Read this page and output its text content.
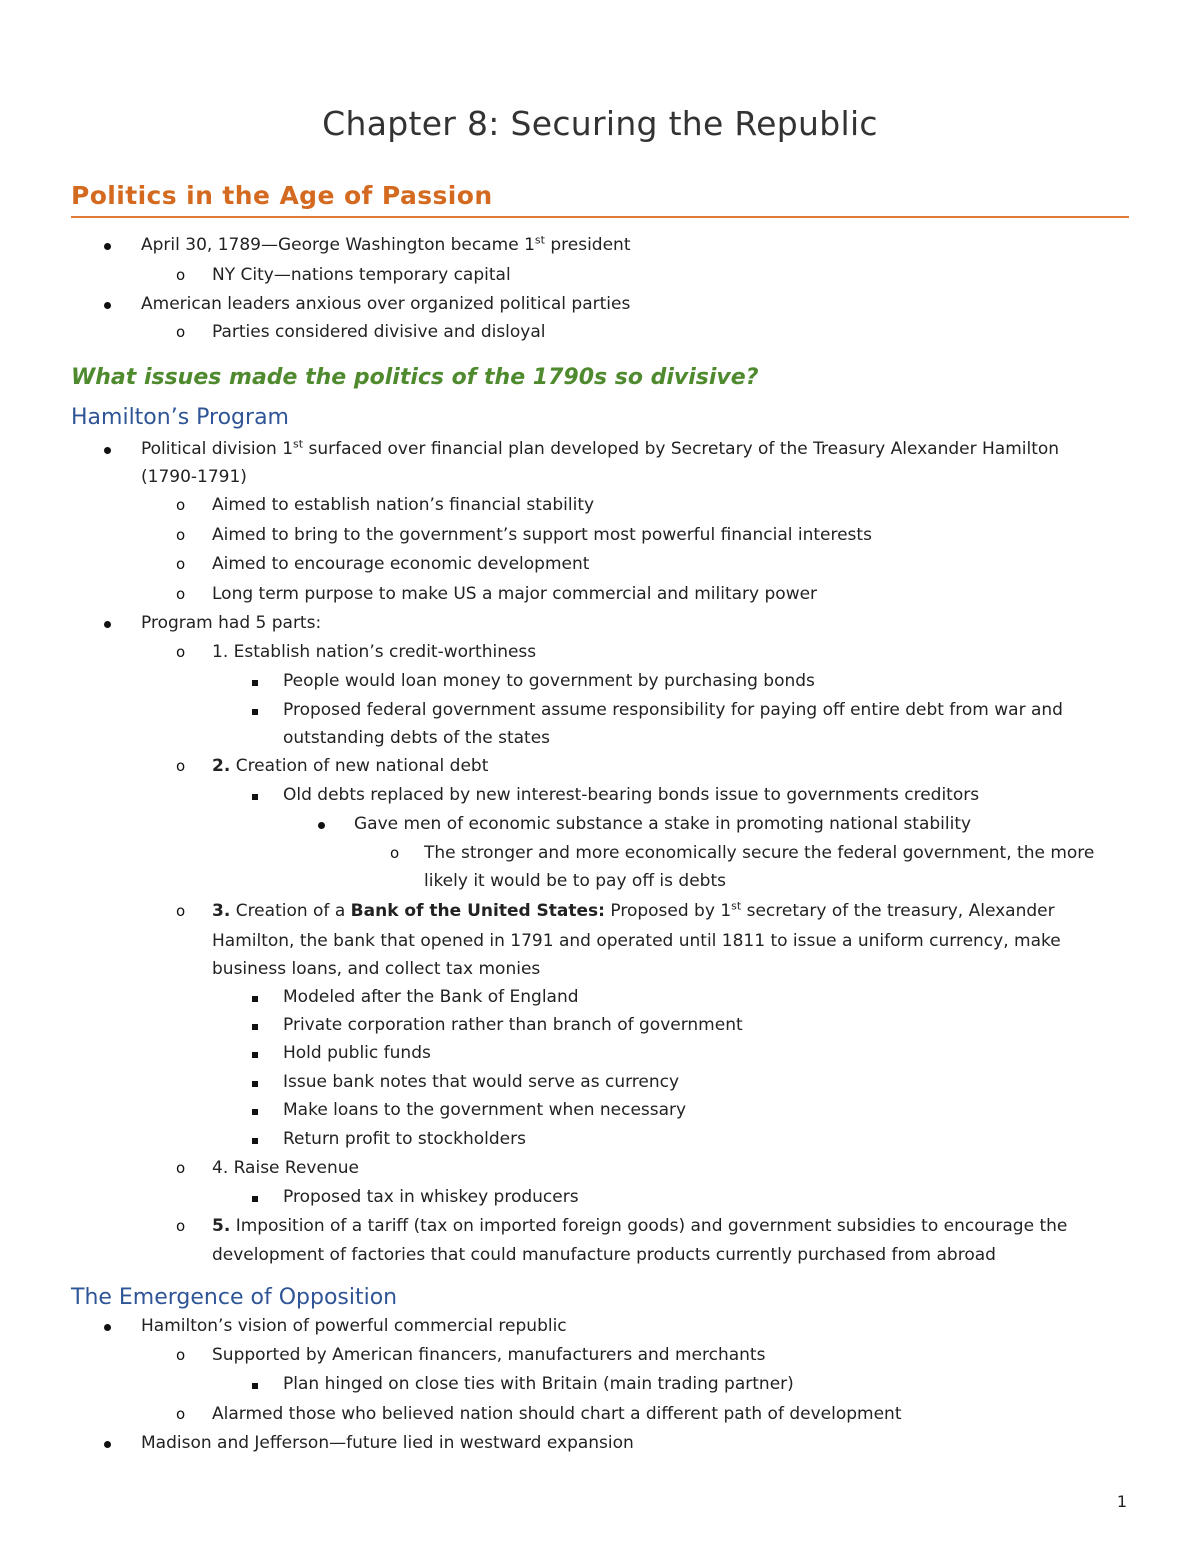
Chapter 8: Securing the Republic
Politics in the Age of Passion
April 30, 1789—George Washington became 1st president
o NY City—nations temporary capital
American leaders anxious over organized political parties
o Parties considered divisive and disloyal
What issues made the politics of the 1790s so divisive?
Hamilton’s Program
Political division 1st surfaced over financial plan developed by Secretary of the Treasury Alexander Hamilton
(1790-1791)
o Aimed to establish nation’s financial stability
o Aimed to bring to the government’s support most powerful financial interests
o Aimed to encourage economic development
o Long term purpose to make US a major commercial and military power
Program had 5 parts:
o 1. Establish nation’s credit-worthiness
People would loan money to government by purchasing bonds
Proposed federal government assume responsibility for paying off entire debt from war and
outstanding debts of the states
o 2. Creation of new national debt
Old debts replaced by new interest-bearing bonds issue to governments creditors
Gave men of economic substance a stake in promoting national stability
o The stronger and more economically secure the federal government, the more
likely it would be to pay off is debts
o 3. Creation of a Bank of the United States: Proposed by 1st secretary of the treasury, Alexander
Hamilton, the bank that opened in 1791 and operated until 1811 to issue a uniform currency, make
business loans, and collect tax monies
Modeled after the Bank of England
Private corporation rather than branch of government
Hold public funds
Issue bank notes that would serve as currency
Make loans to the government when necessary
Return profit to stockholders
o 4. Raise Revenue
Proposed tax in whiskey producers
o 5. Imposition of a tariff (tax on imported foreign goods) and government subsidies to encourage the
development of factories that could manufacture products currently purchased from abroad
The Emergence of Opposition
Hamilton’s vision of powerful commercial republic
o Supported by American financers, manufacturers and merchants
Plan hinged on close ties with Britain (main trading partner)
o Alarmed those who believed nation should chart a different path of development
Madison and Jefferson—future lied in westward expansion
1
